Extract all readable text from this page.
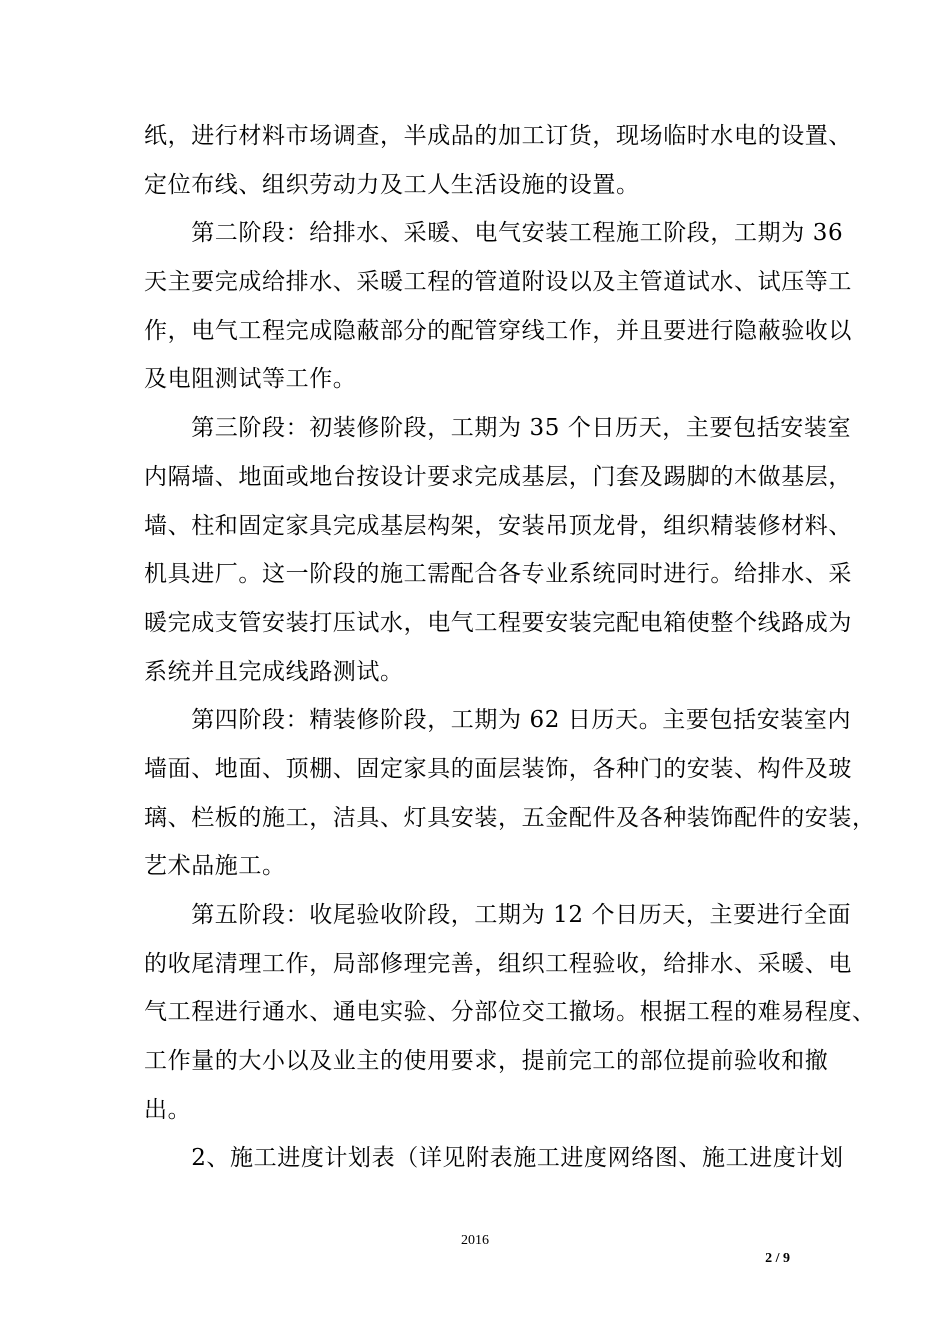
纸，进行材料市场调查，半成品的加工订货，现场临时水电的设置、
定位布线、组织劳动力及工人生活设施的设置。
　　第二阶段：给排水、采暖、电气安装工程施工阶段，工期为 36
天主要完成给排水、采暖工程的管道附设以及主管道试水、试压等工
作，电气工程完成隐蔽部分的配管穿线工作，并且要进行隐蔽验收以
及电阻测试等工作。
　　第三阶段：初装修阶段，工期为 35 个日历天，主要包括安装室
内隔墙、地面或地台按设计要求完成基层，门套及踢脚的木做基层，
墙、柱和固定家具完成基层构架，安装吊顶龙骨，组织精装修材料、
机具进厂。这一阶段的施工需配合各专业系统同时进行。给排水、采
暖完成支管安装打压试水，电气工程要安装完配电箱使整个线路成为
系统并且完成线路测试。
　　第四阶段：精装修阶段，工期为 62 日历天。主要包括安装室内
墙面、地面、顶棚、固定家具的面层装饰，各种门的安装、构件及玻
璃、栏板的施工，洁具、灯具安装，五金配件及各种装饰配件的安装，
艺术品施工。
　　第五阶段：收尾验收阶段，工期为 12 个日历天，主要进行全面
的收尾清理工作，局部修理完善，组织工程验收，给排水、采暖、电
气工程进行通水、通电实验、分部位交工撤场。根据工程的难易程度、
工作量的大小以及业主的使用要求，提前完工的部位提前验收和撤
出。
　　2、施工进度计划表（详见附表施工进度网络图、施工进度计划
2016
2 / 9
